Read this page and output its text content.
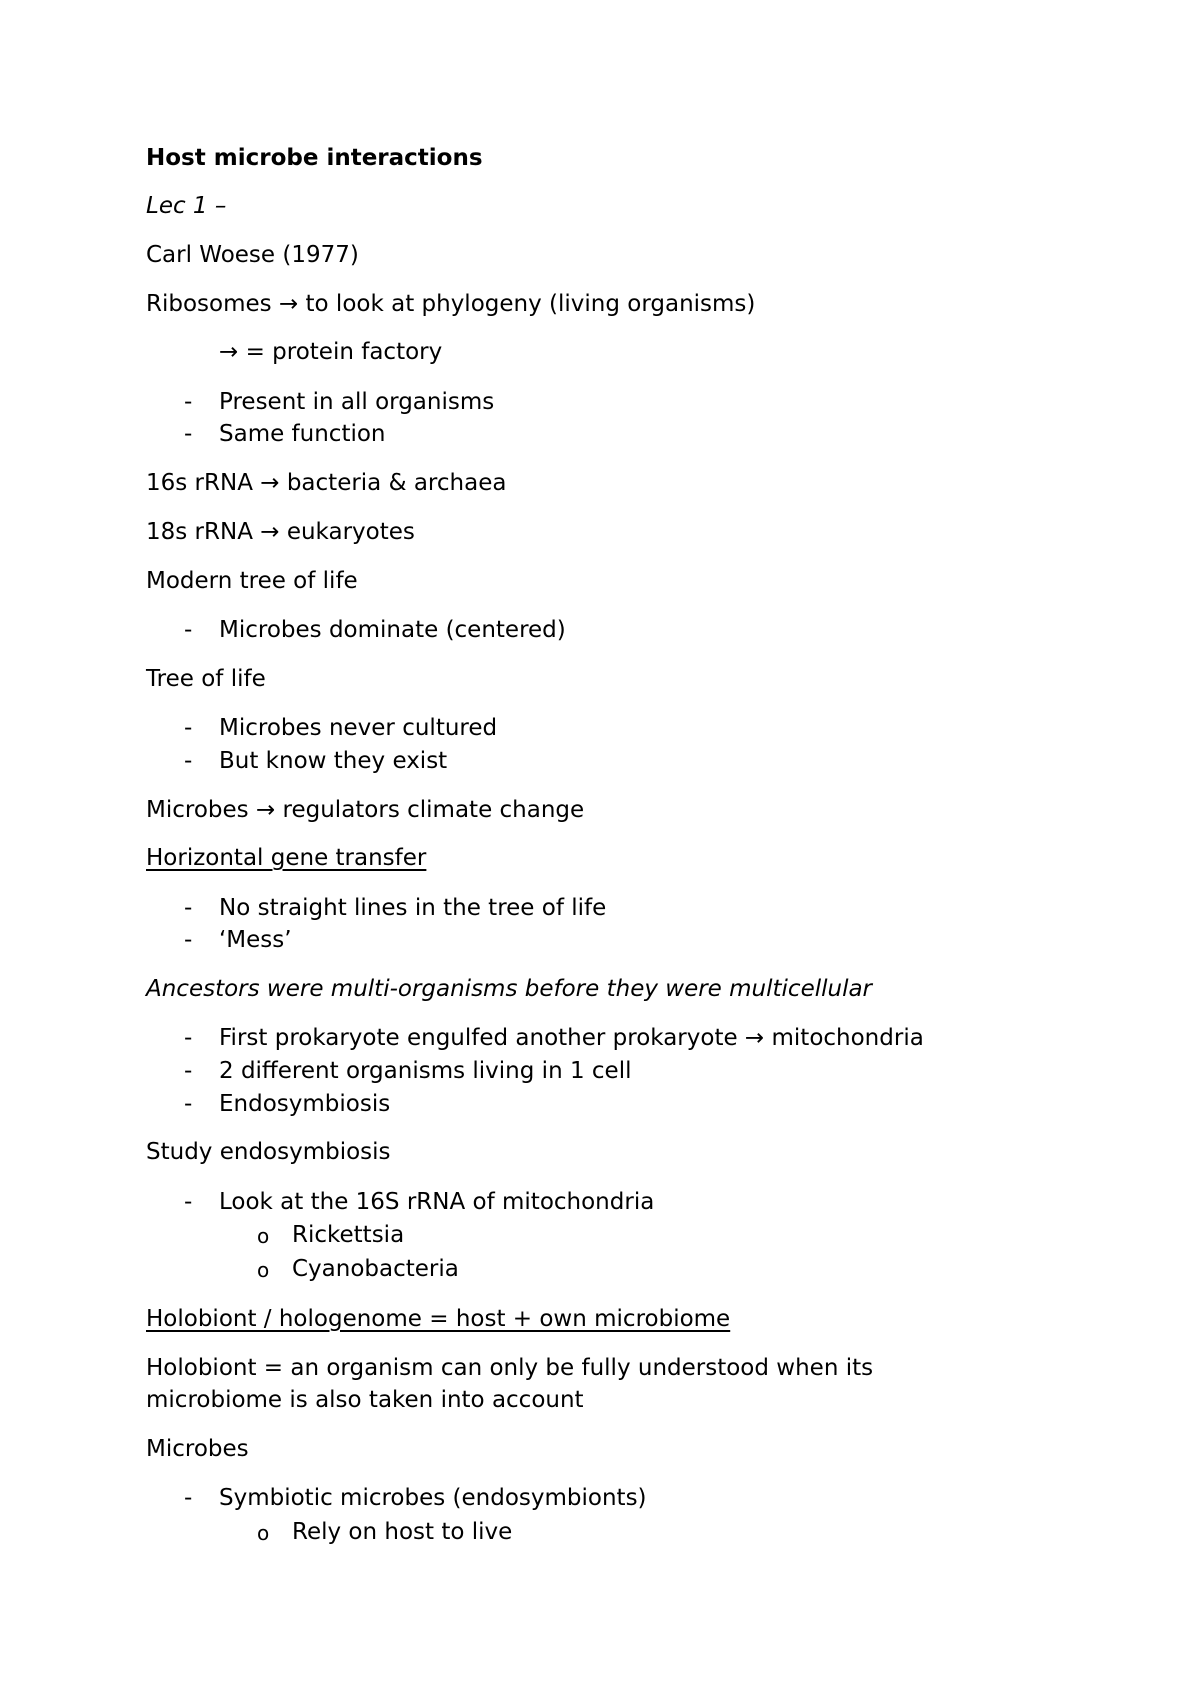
Host microbe interactions
Lec 1 –
Carl Woese (1977)
Ribosomes → to look at phylogeny (living organisms)
→ = protein factory
- Present in all organisms
- Same function
16s rRNA → bacteria & archaea
18s rRNA → eukaryotes
Modern tree of life
- Microbes dominate (centered)
Tree of life
- Microbes never cultured
- But know they exist
Microbes → regulators climate change
Horizontal gene transfer
- No straight lines in the tree of life
- ‘Mess’
Ancestors were multi-organisms before they were multicellular
- First prokaryote engulfed another prokaryote → mitochondria
- 2 different organisms living in 1 cell
- Endosymbiosis
Study endosymbiosis
- Look at the 16S rRNA of mitochondria
o Rickettsia
o Cyanobacteria
Holobiont / hologenome = host + own microbiome
Holobiont = an organism can only be fully understood when its
microbiome is also taken into account
Microbes
- Symbiotic microbes (endosymbionts)
o Rely on host to live
